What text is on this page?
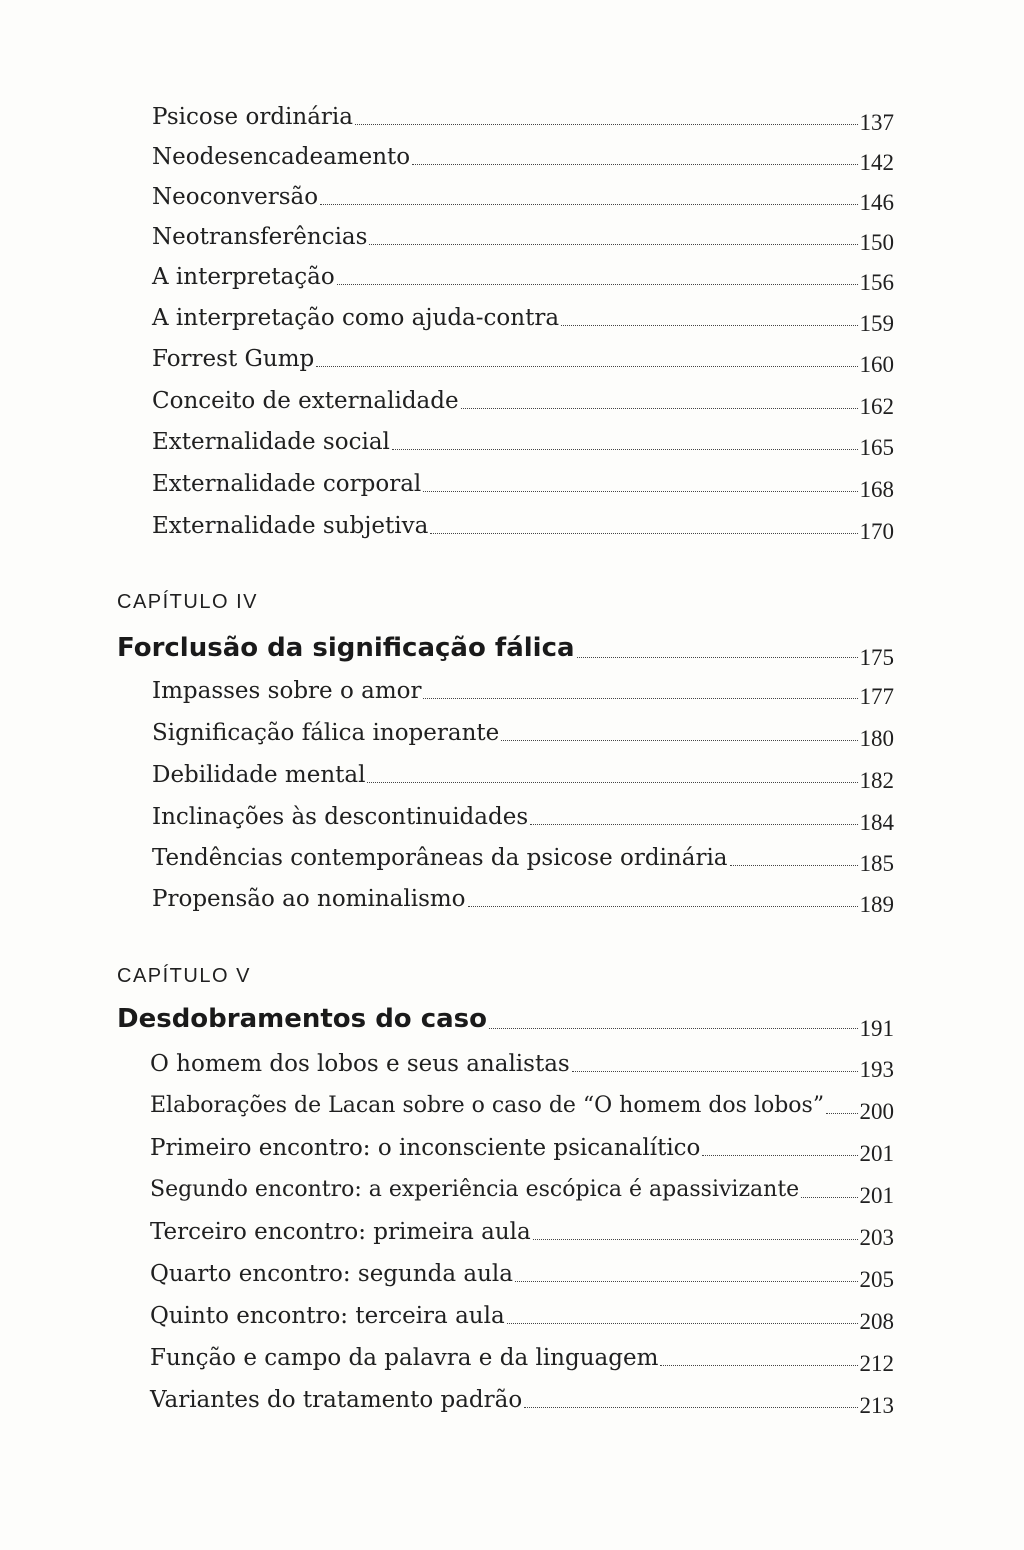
Psicose ordinária	137
Neodesencadeamento	142
Neoconversão	146
Neotransferências	150
A interpretação	156
A interpretação como ajuda-contra	159
Forrest Gump	160
Conceito de externalidade	162
Externalidade social	165
Externalidade corporal	168
Externalidade subjetiva	170
CAPÍTULO IV
Forclusão da significação fálica	175
Impasses sobre o amor	177
Significação fálica inoperante	180
Debilidade mental	182
Inclinações às descontinuidades	184
Tendências contemporâneas da psicose ordinária	185
Propensão ao nominalismo	189
CAPÍTULO V
Desdobramentos do caso	191
O homem dos lobos e seus analistas	193
Elaborações de Lacan sobre o caso de “O homem dos lobos” 200
Primeiro encontro: o inconsciente psicanalítico	201
Segundo encontro: a experiência escópica é apassivizante	201
Terceiro encontro: primeira aula	203
Quarto encontro: segunda aula	205
Quinto encontro: terceira aula	208
Função e campo da palavra e da linguagem	212
Variantes do tratamento padrão	213
